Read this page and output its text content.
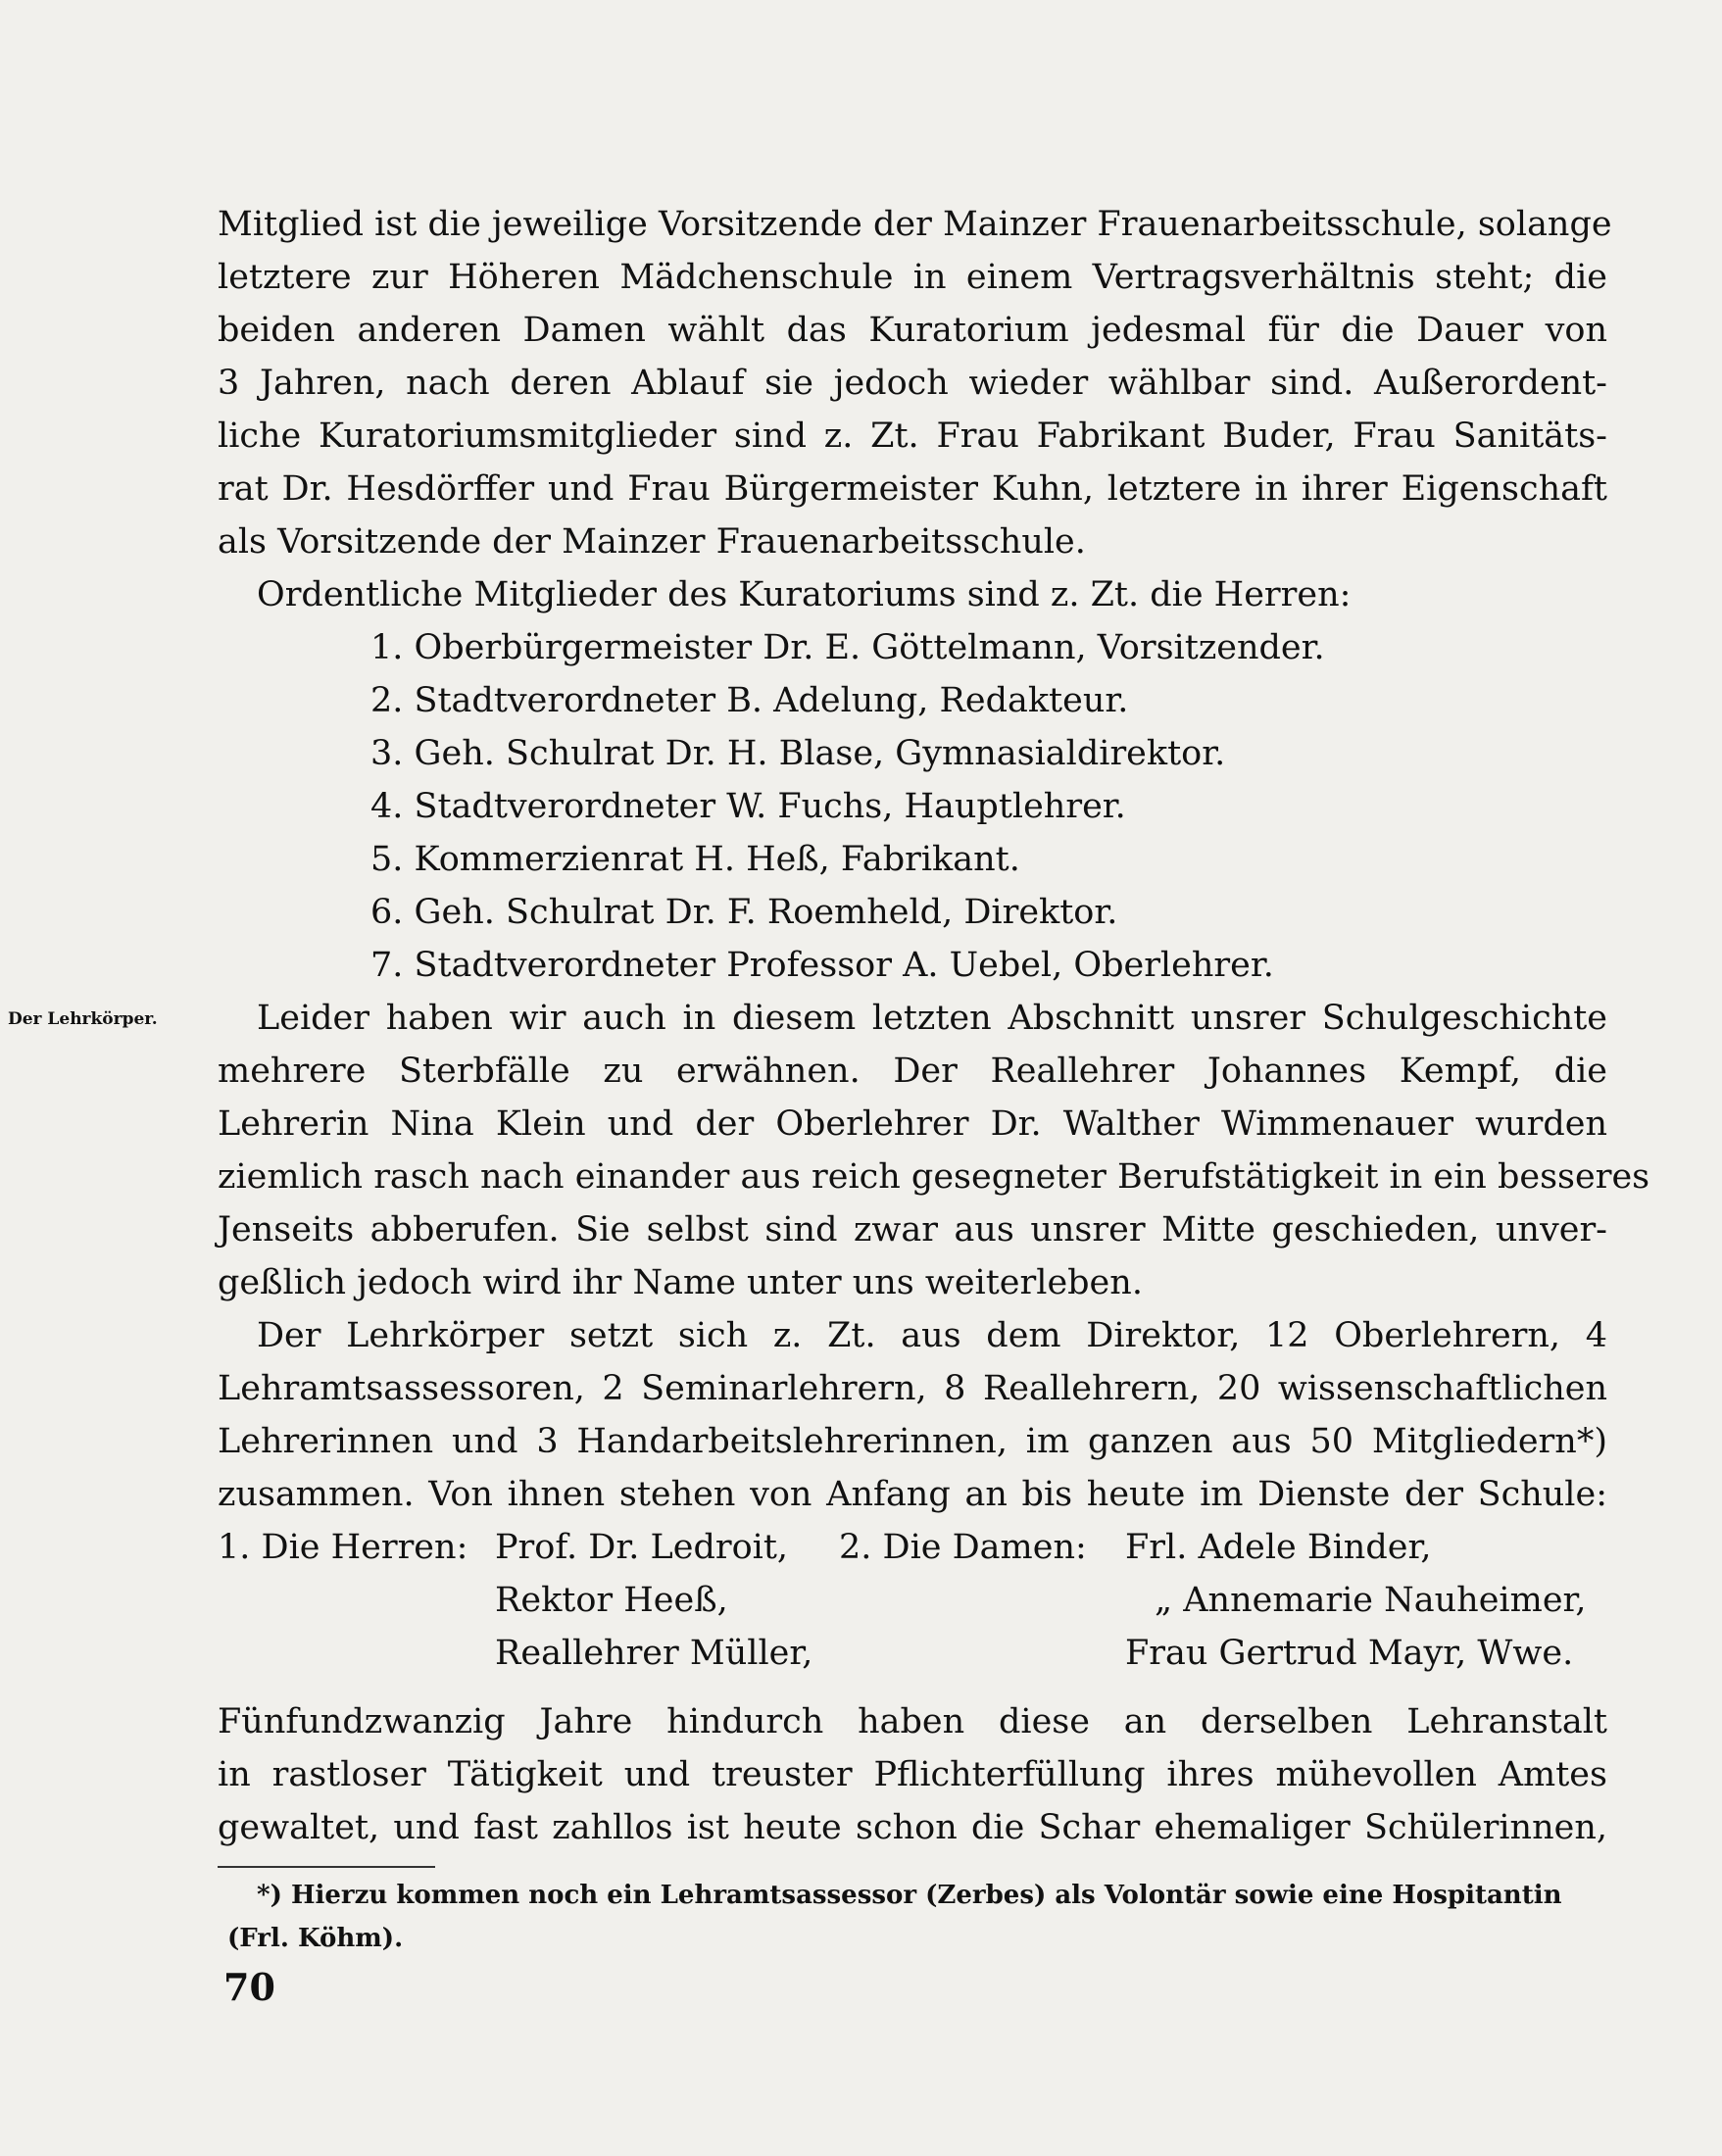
Mitglied ist die jeweilige Vorsitzende der Mainzer Frauenarbeitsschule, solange
letztere zur Höheren Mädchenschule in einem Vertragsverhältnis steht; die
beiden anderen Damen wählt das Kuratorium jedesmal für die Dauer von
3 Jahren, nach deren Ablauf sie jedoch wieder wählbar sind. Außerordent-
liche Kuratoriumsmitglieder sind z. Zt. Frau Fabrikant Buder, Frau Sanitäts-
rat Dr. Hesdörffer und Frau Bürgermeister Kuhn, letztere in ihrer Eigenschaft
als Vorsitzende der Mainzer Frauenarbeitsschule.
Ordentliche Mitglieder des Kuratoriums sind z. Zt. die Herren:
1. Oberbürgermeister Dr. E. Göttelmann, Vorsitzender.
2. Stadtverordneter B. Adelung, Redakteur.
3. Geh. Schulrat Dr. H. Blase, Gymnasialdirektor.
4. Stadtverordneter W. Fuchs, Hauptlehrer.
5. Kommerzienrat H. Heß, Fabrikant.
6. Geh. Schulrat Dr. F. Roemheld, Direktor.
7. Stadtverordneter Professor A. Uebel, Oberlehrer.
Der Lehrkörper.	Leider haben wir auch in diesem letzten Abschnitt unsrer Schulgeschichte
mehrere Sterbfälle zu erwähnen. Der Reallehrer Johannes Kempf, die
Lehrerin Nina Klein und der Oberlehrer Dr. Walther Wimmenauer wurden
ziemlich rasch nach einander aus reich gesegneter Berufstätigkeit in ein besseres
Jenseits abberufen. Sie selbst sind zwar aus unsrer Mitte geschieden, unver-
geßlich jedoch wird ihr Name unter uns weiterleben.
Der Lehrkörper setzt sich z. Zt. aus dem Direktor, 12 Oberlehrern, 4
Lehramtsassessoren, 2 Seminarlehrern, 8 Reallehrern, 20 wissenschaftlichen
Lehrerinnen und 3 Handarbeitslehrerinnen, im ganzen aus 50 Mitgliedern*)
zusammen. Von ihnen stehen von Anfang an bis heute im Dienste der Schule:
1. Die Herren: Prof. Dr. Ledroit,
Rektor Heeß,
Reallehrer Müller,
2. Die Damen: Frl. Adele Binder,
„ Annemarie Nauheimer,
Frau Gertrud Mayr, Wwe.
Fünfundzwanzig Jahre hindurch haben diese an derselben Lehranstalt
in rastloser Tätigkeit und treuster Pflichterfüllung ihres mühevollen Amtes
gewaltet, und fast zahllos ist heute schon die Schar ehemaliger Schülerinnen,
*) Hierzu kommen noch ein Lehramtsassessor (Zerbes) als Volontär sowie eine Hospitantin
(Frl. Köhm).
70
